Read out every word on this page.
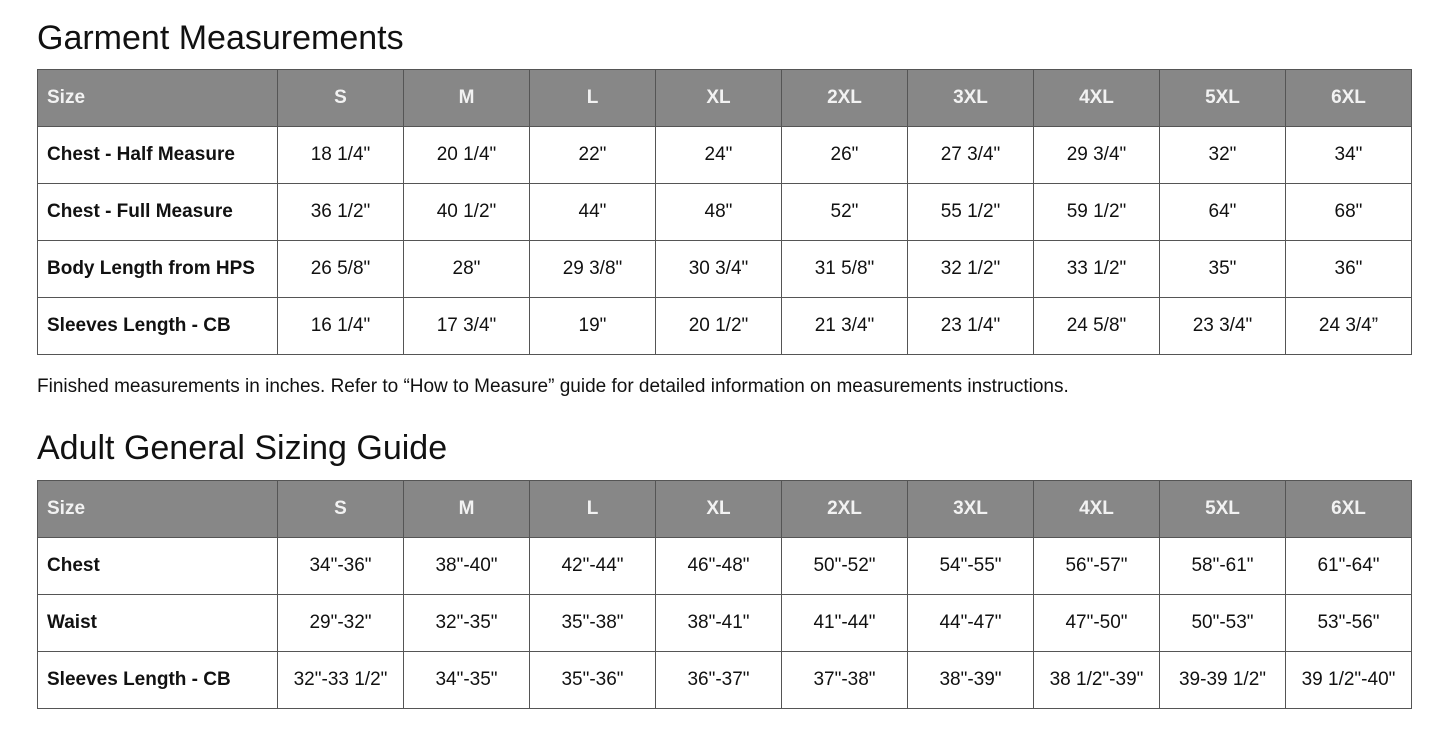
Garment Measurements
Size	S	M	L	XL	2XL	3XL	4XL	5XL	6XL
Chest - Half Measure	18 1/4"	20 1/4"	22"	24"	26"	27 3/4"	29 3/4"	32"	34"
Chest - Full Measure	36 1/2"	40 1/2"	44"	48"	52"	55 1/2"	59 1/2"	64"	68"
Body Length from HPS	26 5/8"	28"	29 3/8"	30 3/4"	31 5/8"	32 1/2"	33 1/2"	35"	36"
Sleeves Length - CB	16 1/4"	17 3/4"	19"	20 1/2"	21 3/4"	23 1/4"	24 5/8"	23 3/4"	24 3/4”

Finished measurements in inches. Refer to “How to Measure” guide for detailed information on measurements instructions.

Adult General Sizing Guide
Size	S	M	L	XL	2XL	3XL	4XL	5XL	6XL
Chest	34"-36"	38"-40"	42"-44"	46"-48"	50"-52"	54"-55"	56"-57"	58"-61"	61"-64"
Waist	29"-32"	32"-35"	35"-38"	38"-41"	41"-44"	44"-47"	47"-50"	50"-53"	53"-56"
Sleeves Length - CB	32"-33 1/2"	34"-35"	35"-36"	36"-37"	37"-38"	38"-39"	38 1/2"-39"	39-39 1/2"	39 1/2"-40"
